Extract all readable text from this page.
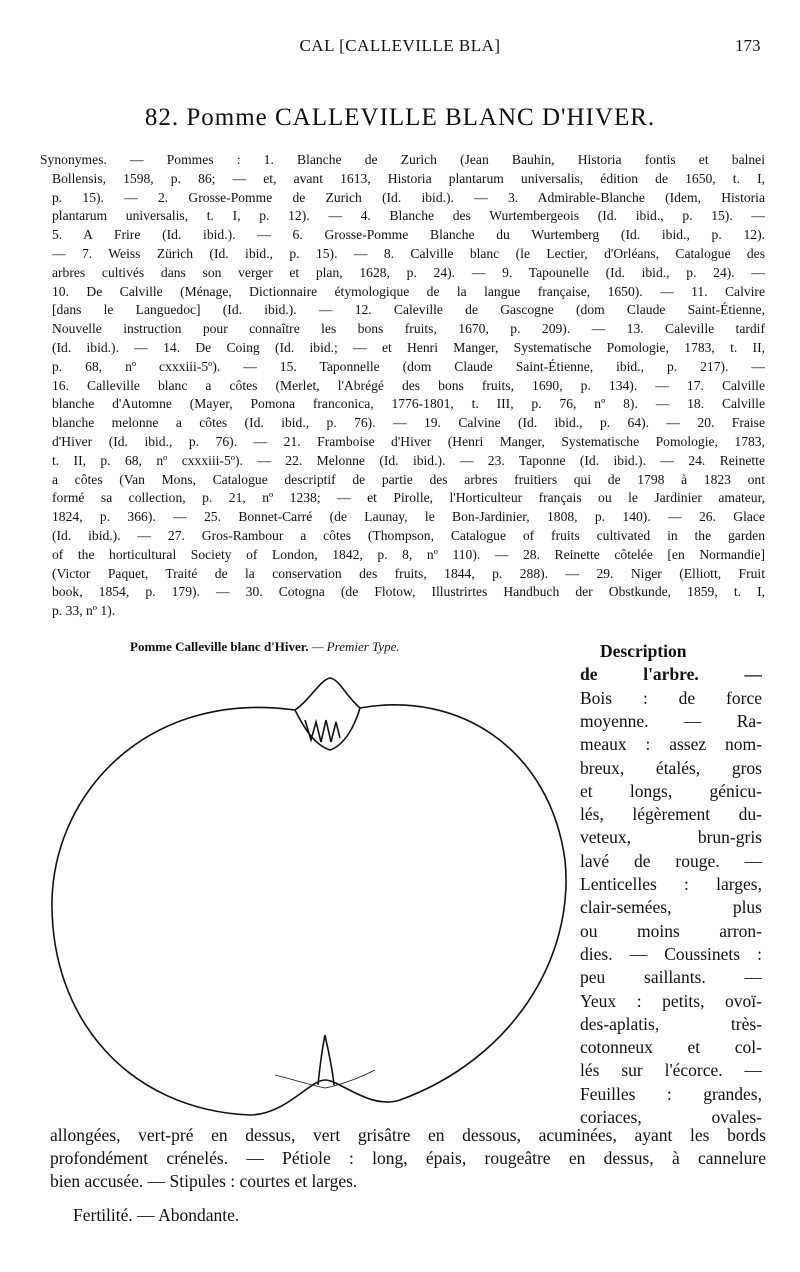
CAL [CALLEVILLE BLA]	173
82. Pomme CALLEVILLE BLANC D'HIVER.
Synonymes. — Pommes : 1. Blanche de Zurich (Jean Bauhin, Historia fontis et balnei
Bollensis, 1598, p. 86; — et, avant 1613, Historia plantarum universalis, édition de 1650, t. I,
p. 15). — 2. Grosse-Pomme de Zurich (Id. ibid.). — 3. Admirable-Blanche (Idem, Historia
plantarum universalis, t. I, p. 12). — 4. Blanche des Wurtembergeois (Id. ibid., p. 15). —
5. A Frire (Id. ibid.). — 6. Grosse-Pomme Blanche du Wurtemberg (Id. ibid., p. 12).
— 7. Weiss Zürich (Id. ibid., p. 15). — 8. Calville blanc (le Lectier, d'Orléans, Catalogue des
arbres cultivés dans son verger et plan, 1628, p. 24). — 9. Tapounelle (Id. ibid., p. 24). —
10. De Calville (Ménage, Dictionnaire étymologique de la langue française, 1650). — 11. Calvire
[dans le Languedoc] (Id. ibid.). — 12. Caleville de Gascogne (dom Claude Saint-Étienne,
Nouvelle instruction pour connaître les bons fruits, 1670, p. 209). — 13. Caleville tardif
(Id. ibid.). — 14. De Coing (Id. ibid.; — et Henri Manger, Systematische Pomologie, 1783, t. II,
p. 68, nº cxxxiii-5º). — 15. Taponnelle (dom Claude Saint-Étienne, ibid., p. 217). —
16. Calleville blanc a côtes (Merlet, l'Abrégé des bons fruits, 1690, p. 134). — 17. Calville
blanche d'Automne (Mayer, Pomona franconica, 1776-1801, t. III, p. 76, nº 8). — 18. Calville
blanche melonne a côtes (Id. ibid., p. 76). — 19. Calvine (Id. ibid., p. 64). — 20. Fraise
d'Hiver (Id. ibid., p. 76). — 21. Framboise d'Hiver (Henri Manger, Systematische Pomologie, 1783,
t. II, p. 68, nº cxxxiii-5º). — 22. Melonne (Id. ibid.). — 23. Taponne (Id. ibid.). — 24. Reinette
a côtes (Van Mons, Catalogue descriptif de partie des arbres fruitiers qui de 1798 à 1823 ont
formé sa collection, p. 21, nº 1238; — et Pirolle, l'Horticulteur français ou le Jardinier amateur,
1824, p. 366). — 25. Bonnet-Carré (de Launay, le Bon-Jardinier, 1808, p. 140). — 26. Glace
(Id. ibid.). — 27. Gros-Rambour a côtes (Thompson, Catalogue of fruits cultivated in the garden
of the horticultural Society of London, 1842, p. 8, nº 110). — 28. Reinette côtelée [en Normandie]
(Victor Paquet, Traité de la conservation des fruits, 1844, p. 288). — 29. Niger (Elliott, Fruit
book, 1854, p. 179). — 30. Cotogna (de Flotow, Illustrirtes Handbuch der Obstkunde, 1859, t. I,
p. 33, nº 1).
Pomme Calleville blanc d'Hiver. — Premier Type.	Description
de l'arbre. —
Bois : de force
moyenne. — Ra-
meaux : assez nom-
breux, étalés, gros
et longs, génicu-
lés, légèrement du-
veteux, brun-gris
lavé de rouge. —
Lenticelles : larges,
clair-semées, plus
ou moins arron-
dies. — Coussinets :
peu saillants. —
Yeux : petits, ovoï-
des-aplatis, très-
cotonneux et col-
lés sur l'écorce. —
Feuilles : grandes,
coriaces, ovales-
allongées, vert-pré en dessus, vert grisâtre en dessous, acuminées, ayant les bords
profondément crénelés. — Pétiole : long, épais, rougeâtre en dessus, à cannelure
bien accusée. — Stipules : courtes et larges.
Fertilité. — Abondante.
